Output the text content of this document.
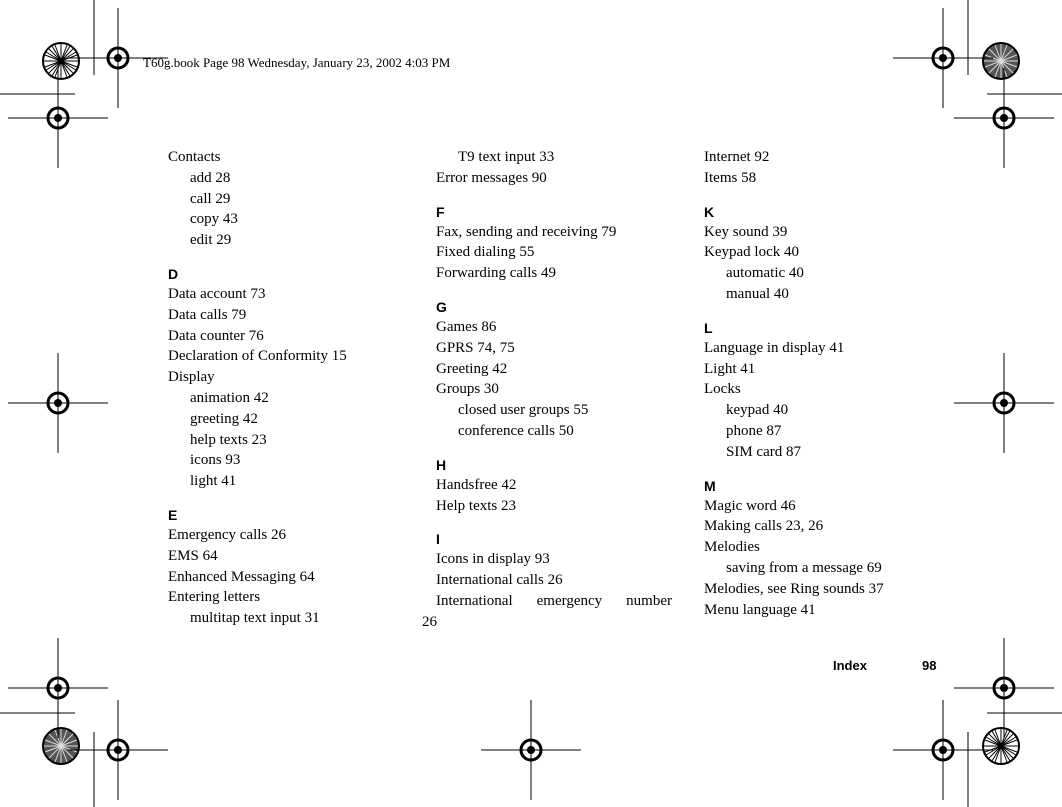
T60g.book Page 98 Wednesday, January 23, 2002 4:03 PM
Contacts
add 28
call 29
copy 43
edit 29
D
Data account 73
Data calls 79
Data counter 76
Declaration of Conformity 15
Display
animation 42
greeting 42
help texts 23
icons 93
light 41
E
Emergency calls 26
EMS 64
Enhanced Messaging 64
Entering letters
multitap text input 31
T9 text input 33
Error messages 90
F
Fax, sending and receiving 79
Fixed dialing 55
Forwarding calls 49
G
Games 86
GPRS 74, 75
Greeting 42
Groups 30
closed user groups 55
conference calls 50
H
Handsfree 42
Help texts 23
I
Icons in display 93
International calls 26
International emergency number
26
Internet 92
Items 58
K
Key sound 39
Keypad lock 40
automatic 40
manual 40
L
Language in display 41
Light 41
Locks
keypad 40
phone 87
SIM card 87
M
Magic word 46
Making calls 23, 26
Melodies
saving from a message 69
Melodies, see Ring sounds 37
Menu language 41
Index	98
